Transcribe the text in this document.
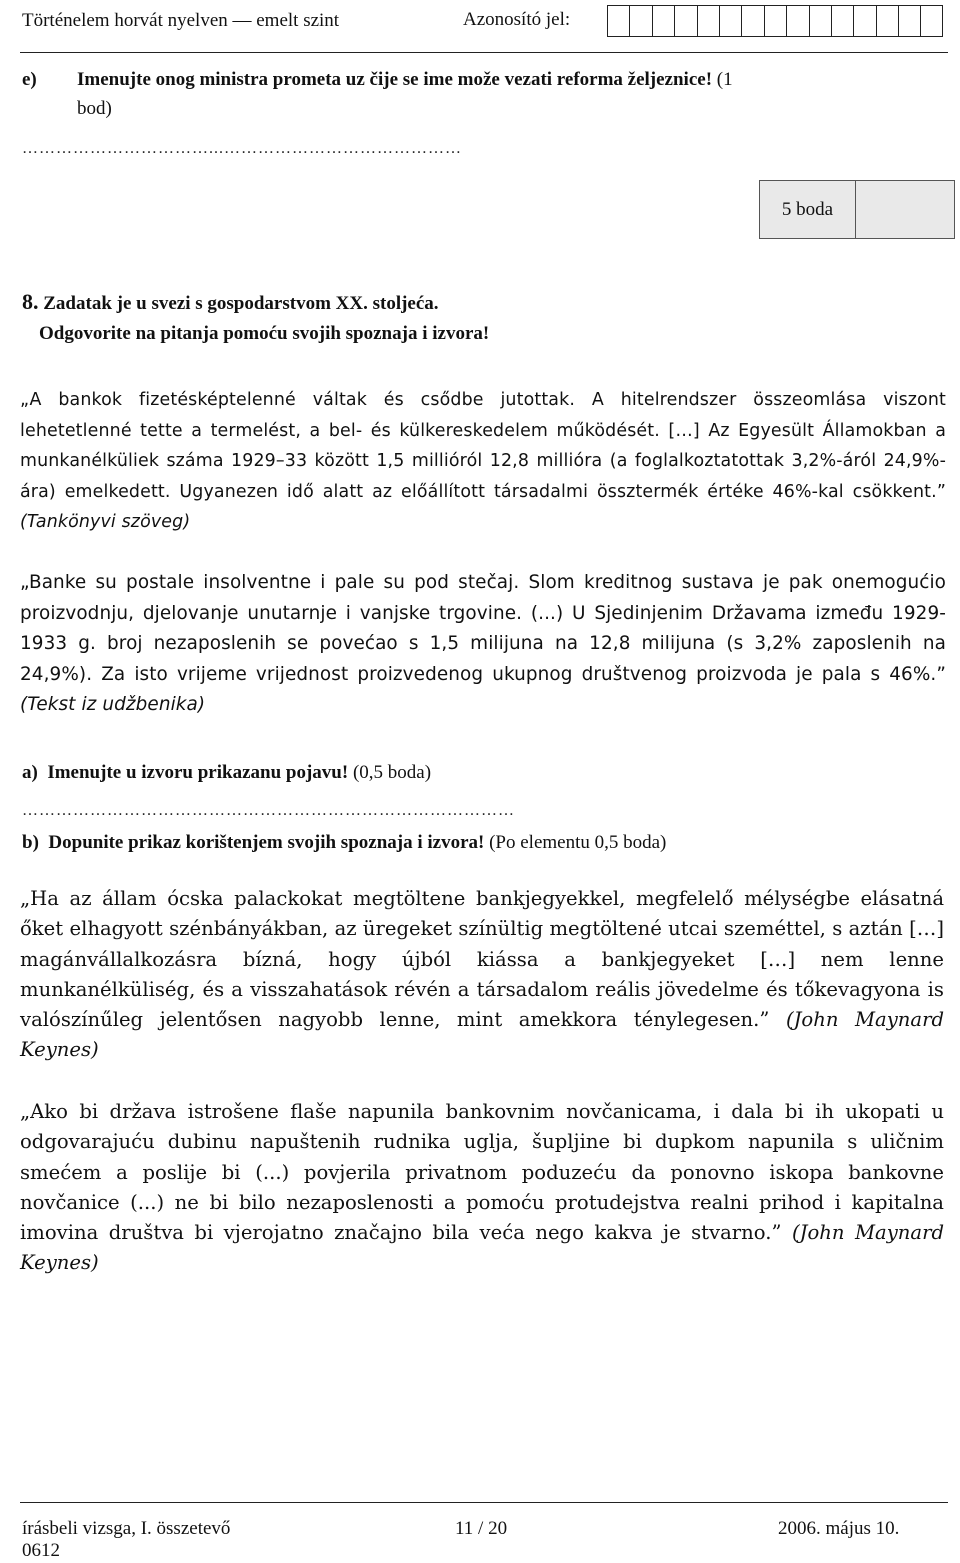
Történelem horvát nyelven — emelt szint	Azonosító jel:
e) Imenujte onog ministra prometa uz čije se ime može vezati reforma željeznice! (1
bod)
……………………………...……………………………………
5 boda
8. Zadatak je u svezi s gospodarstvom XX. stoljeća.
Odgovorite na pitanja pomoću svojih spoznaja i izvora!
„A bankok fizetésképtelenné váltak és csődbe jutottak. A hitelrendszer összeomlása viszont lehetetlenné tette a termelést, a bel- és külkereskedelem működését. […] Az Egyesült Államokban a munkanélküliek száma 1929–33 között 1,5 millióról 12,8 millióra (a foglalkoztatottak 3,2%-áról 24,9%-ára) emelkedett. Ugyanezen idő alatt az előállított társadalmi össztermék értéke 46%-kal csökkent.” (Tankönyvi szöveg)
„Banke su postale insolventne i pale su pod stečaj. Slom kreditnog sustava je pak onemogućio proizvodnju, djelovanje unutarnje i vanjske trgovine. (...) U Sjedinjenim Državama između 1929-1933 g. broj nezaposlenih se povećao s 1,5 milijuna na 12,8 milijuna (s 3,2% zaposlenih na 24,9%). Za isto vrijeme vrijednost proizvedenog ukupnog društvenog proizvoda je pala s 46%.” (Tekst iz udžbenika)
a) Imenujte u izvoru prikazanu pojavu! (0,5 boda)
……………………………………………………………………………
b) Dopunite prikaz korištenjem svojih spoznaja i izvora! (Po elementu 0,5 boda)
„Ha az állam ócska palackokat megtöltene bankjegyekkel, megfelelő mélységbe elásatná őket elhagyott szénbányákban, az üregeket színültig megtöltené utcai szeméttel, s aztán […] magánvállalkozásra bízná, hogy újból kiássa a bankjegyeket […] nem lenne munkanélküliség, és a visszahatások révén a társadalom reális jövedelme és tőkevagyona is valószínűleg jelentősen nagyobb lenne, mint amekkora ténylegesen.” (John Maynard Keynes)
„Ako bi država istrošene flaše napunila bankovnim novčanicama, i dala bi ih ukopati u odgovarajuću dubinu napuštenih rudnika uglja, šupljine bi dupkom napunila s uličnim smećem a poslije bi (...) povjerila privatnom poduzeću da ponovno iskopa bankovne novčanice (...) ne bi bilo nezaposlenosti a pomoću protudejstva realni prihod i kapitalna imovina društva bi vjerojatno značajno bila veća nego kakva je stvarno.” (John Maynard Keynes)
írásbeli vizsga, I. összetevő
0612
11 / 20	2006. május 10.
